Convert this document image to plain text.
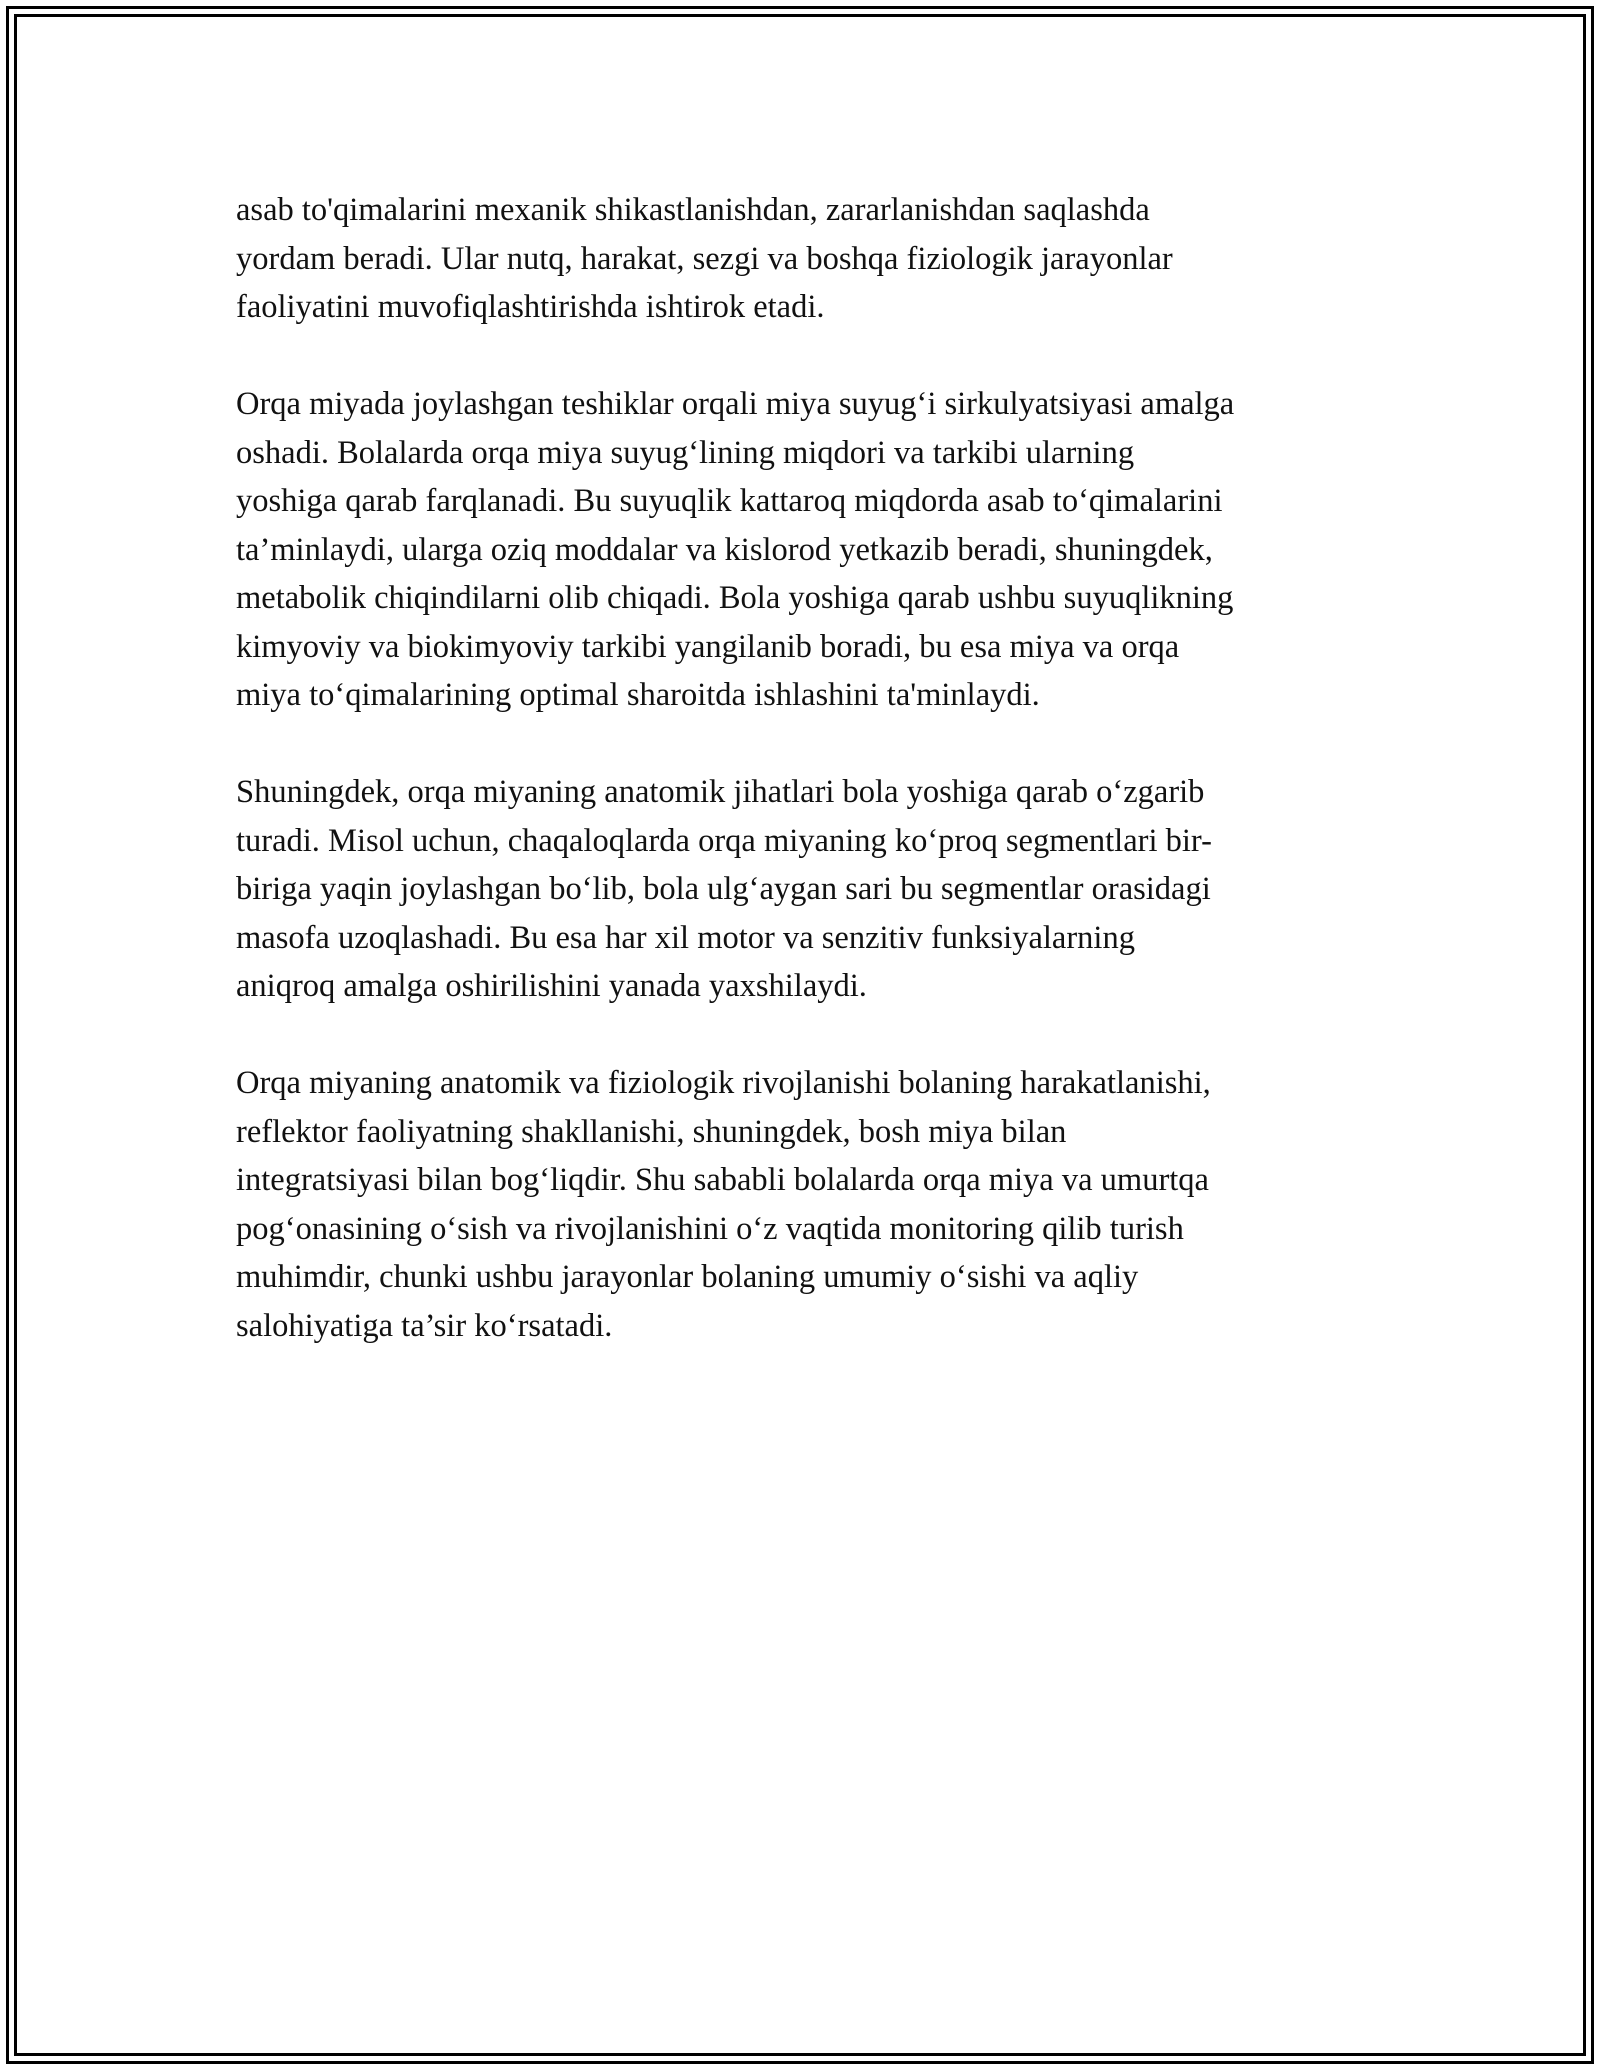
asab to'qimalarini mexanik shikastlanishdan, zararlanishdan saqlashda
yordam beradi. Ular nutq, harakat, sezgi va boshqa fiziologik jarayonlar
faoliyatini muvofiqlashtirishda ishtirok etadi.

Orqa miyada joylashgan teshiklar orqali miya suyug‘i sirkulyatsiyasi amalga
oshadi. Bolalarda orqa miya suyug‘lining miqdori va tarkibi ularning
yoshiga qarab farqlanadi. Bu suyuqlik kattaroq miqdorda asab to‘qimalarini
ta’minlaydi, ularga oziq moddalar va kislorod yetkazib beradi, shuningdek,
metabolik chiqindilarni olib chiqadi. Bola yoshiga qarab ushbu suyuqlikning
kimyoviy va biokimyoviy tarkibi yangilanib boradi, bu esa miya va orqa
miya to‘qimalarining optimal sharoitda ishlashini ta'minlaydi.

Shuningdek, orqa miyaning anatomik jihatlari bola yoshiga qarab o‘zgarib
turadi. Misol uchun, chaqaloqlarda orqa miyaning ko‘proq segmentlari bir-
biriga yaqin joylashgan bo‘lib, bola ulg‘aygan sari bu segmentlar orasidagi
masofa uzoqlashadi. Bu esa har xil motor va senzitiv funksiyalarning
aniqroq amalga oshirilishini yanada yaxshilaydi.

Orqa miyaning anatomik va fiziologik rivojlanishi bolaning harakatlanishi,
reflektor faoliyatning shakllanishi, shuningdek, bosh miya bilan
integratsiyasi bilan bog‘liqdir. Shu sababli bolalarda orqa miya va umurtqa
pog‘onasining o‘sish va rivojlanishini o‘z vaqtida monitoring qilib turish
muhimdir, chunki ushbu jarayonlar bolaning umumiy o‘sishi va aqliy
salohiyatiga ta’sir ko‘rsatadi.
